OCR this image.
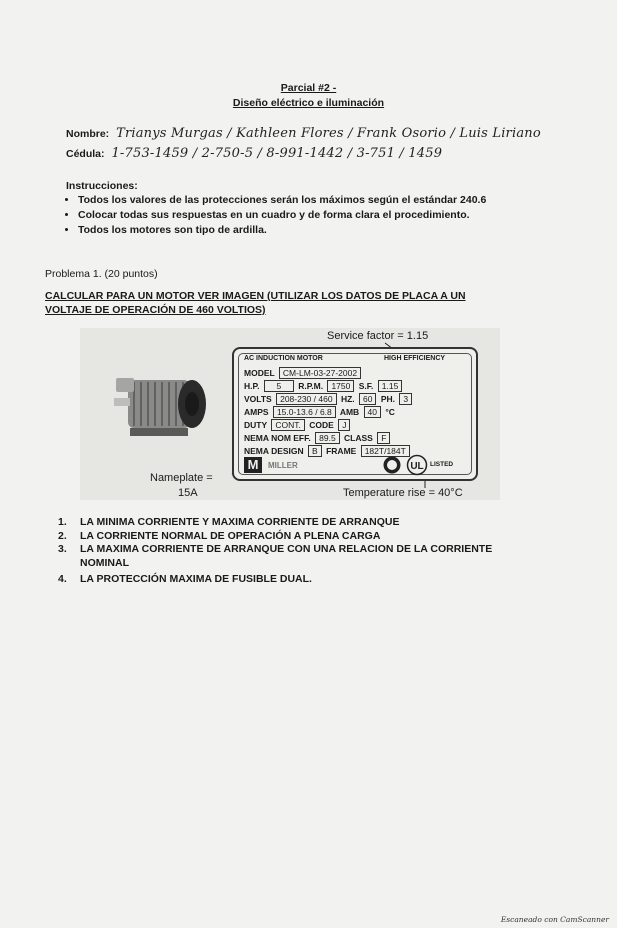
Parcial #2 -
Diseño eléctrico e iluminación
Nombre: Trianys Murgas / Kathleen Flores / Frank Osorio / Luis Liriano
Cédula: 1-753-1459 / 2-750-5 / 8-991-1442 / 3-751 / 1459
Instrucciones:
• Todos los valores de las protecciones serán los máximos según el estándar 240.6
• Colocar todas sus respuestas en un cuadro y de forma clara el procedimiento.
• Todos los motores son tipo de ardilla.
Problema 1. (20 puntos)
CALCULAR PARA UN MOTOR VER IMAGEN (UTILIZAR LOS DATOS DE PLACA A UN VOLTAJE DE OPERACIÓN DE 460 VOLTIOS)
Service factor = 1.15
Nameplate =
15A	Temperature rise = 40°C
AC INDUCTION MOTOR	HIGH EFFICIENCY
MODEL CM-LM-03-27-2002
H.P. 5 R.P.M. 1750 S.F. 1.15
VOLTS 208-230 / 460 HZ. 60 PH. 3
AMPS 15.0-13.6 / 6.8 AMB 40 °C
DUTY CONT. CODE J
NEMA NOM EFF. 89.5 CLASS F
NEMA DESIGN B FRAME 182T/184T
M	MILLER	UL LISTED
1. LA MINIMA CORRIENTE Y MAXIMA CORRIENTE DE ARRANQUE
2. LA CORRIENTE NORMAL DE OPERACIÓN A PLENA CARGA
3. LA MAXIMA CORRIENTE DE ARRANQUE CON UNA RELACION DE LA CORRIENTE NOMINAL
4. LA PROTECCIÓN MAXIMA DE FUSIBLE DUAL.
Escaneado con CamScanner
